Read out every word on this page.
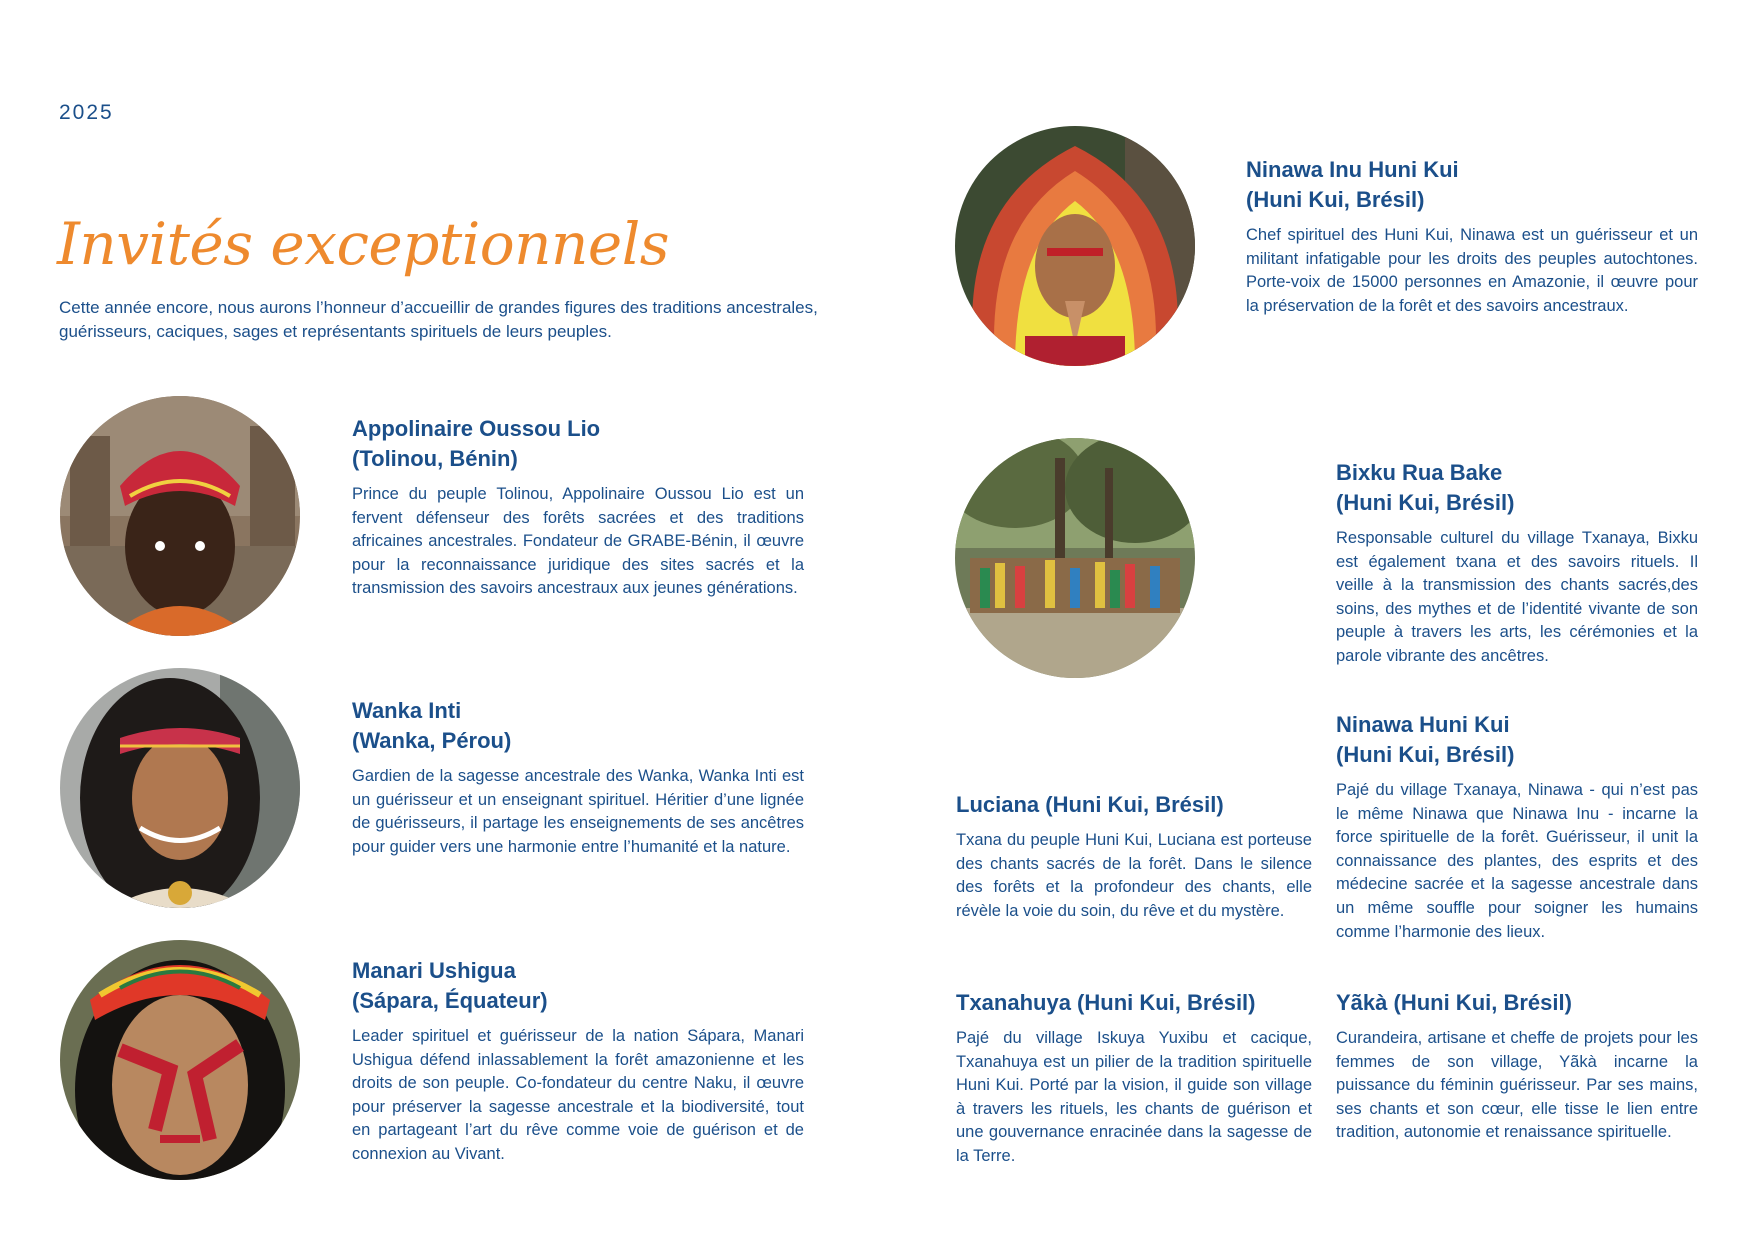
2025
Invités exceptionnels

Cette année encore, nous aurons l’honneur d’accueillir de grandes figures des traditions ancestrales, guérisseurs, caciques, sages et représentants spirituels de leurs peuples.

Appolinaire Oussou Lio
(Tolinou, Bénin)

Prince du peuple Tolinou, Appolinaire Oussou Lio est un fervent défenseur des forêts sacrées et des traditions africaines ancestrales. Fondateur de GRABE-Bénin, il œuvre pour la reconnaissance juridique des sites sacrés et la transmission des savoirs ancestraux aux jeunes générations.

Wanka Inti
(Wanka, Pérou)

Gardien de la sagesse ancestrale des Wanka, Wanka Inti est un guérisseur et un enseignant spirituel. Héritier d’une lignée de guérisseurs, il partage les enseignements de ses ancêtres pour guider vers une harmonie entre l’humanité et la nature.

Manari Ushigua
(Sápara, Équateur)

Leader spirituel et guérisseur de la nation Sápara, Manari Ushigua défend inlassablement la forêt amazonienne et les droits de son peuple. Co-fondateur du centre Naku, il œuvre pour préserver la sagesse ancestrale et la biodiversité, tout en partageant l’art du rêve comme voie de guérison et de connexion au Vivant.

Ninawa Inu Huni Kui
(Huni Kui, Brésil)

Chef spirituel des Huni Kui, Ninawa est un guérisseur et un militant infatigable pour les droits des peuples autochtones. Porte-voix de 15000 personnes en Amazonie, il œuvre pour la préservation de la forêt et des savoirs ancestraux.

Bixku Rua Bake
(Huni Kui, Brésil)

Responsable culturel du village Txanaya, Bixku est également txana et des savoirs rituels. Il veille à la transmission des chants sacrés,des soins, des mythes et de l’identité vivante de son peuple à travers les arts, les cérémonies et la parole vibrante des ancêtres.

Ninawa Huni Kui
(Huni Kui, Brésil)

Pajé du village Txanaya, Ninawa - qui n’est pas le même Ninawa que Ninawa Inu - incarne la force spirituelle de la forêt. Guérisseur, il unit la connaissance des plantes, des esprits et des médecine sacrée et la sagesse ancestrale dans un même souffle pour soigner les humains comme l’harmonie des lieux.

Luciana (Huni Kui, Brésil)

Txana du peuple Huni Kui, Luciana est porteuse des chants sacrés de la forêt. Dans le silence des forêts et la profondeur des chants, elle révèle la voie du soin, du rêve et du mystère.

Txanahuya (Huni Kui, Brésil)

Pajé du village Iskuya Yuxibu et cacique, Txanahuya est un pilier de la tradition spirituelle Huni Kui. Porté par la vision, il guide son village à travers les rituels, les chants de guérison et une gouvernance enracinée dans la sagesse de la Terre.

Yãkà (Huni Kui, Brésil)

Curandeira, artisane et cheffe de projets pour les femmes de son village, Yãkà incarne la puissance du féminin guérisseur. Par ses mains, ses chants et son cœur, elle tisse le lien entre tradition, autonomie et renaissance spirituelle.
